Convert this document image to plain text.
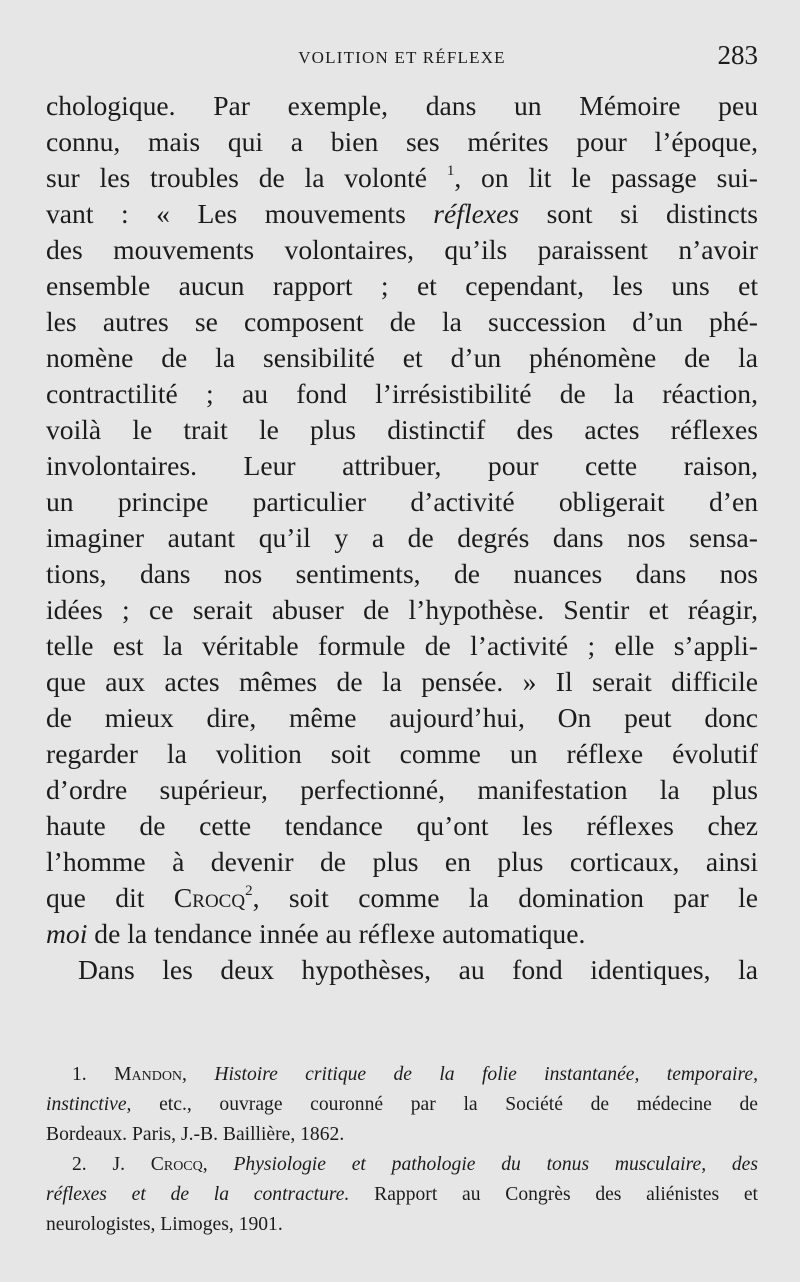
VOLITION ET RÉFLEXE	283
chologique. Par exemple, dans un Mémoire peu
connu, mais qui a bien ses mérites pour l’époque,
sur les troubles de la volonté $^1$, on lit le passage sui-
vant : « Les mouvements réflexes sont si distincts
des mouvements volontaires, qu’ils paraissent n’avoir
ensemble aucun rapport ; et cependant, les uns et
les autres se composent de la succession d’un phé-
nomène de la sensibilité et d’un phénomène de la
contractilité ; au fond l’irrésistibilité de la réaction,
voilà le trait le plus distinctif des actes réflexes
involontaires. Leur attribuer, pour cette raison,
un principe particulier d’activité obligerait d’en
imaginer autant qu’il y a de degrés dans nos sensa-
tions, dans nos sentiments, de nuances dans nos
idées ; ce serait abuser de l’hypothèse. Sentir et réagir,
telle est la véritable formule de l’activité ; elle s’appli-
que aux actes mêmes de la pensée. » Il serait difficile
de mieux dire, même aujourd’hui, On peut donc
regarder la volition soit comme un réflexe évolutif
d’ordre supérieur, perfectionné, manifestation la plus
haute de cette tendance qu’ont les réflexes chez
l’homme à devenir de plus en plus corticaux, ainsi
que dit Crocq$^2$, soit comme la domination par le
moi de la tendance innée au réflexe automatique.
Dans les deux hypothèses, au fond identiques, la
1. Mandon, Histoire critique de la folie instantanée, temporaire,
instinctive, etc., ouvrage couronné par la Société de médecine de
Bordeaux. Paris, J.-B. Baillière, 1862.
2. J. Crocq, Physiologie et pathologie du tonus musculaire, des
réflexes et de la contracture. Rapport au Congrès des aliénistes et
neurologistes, Limoges, 1901.
